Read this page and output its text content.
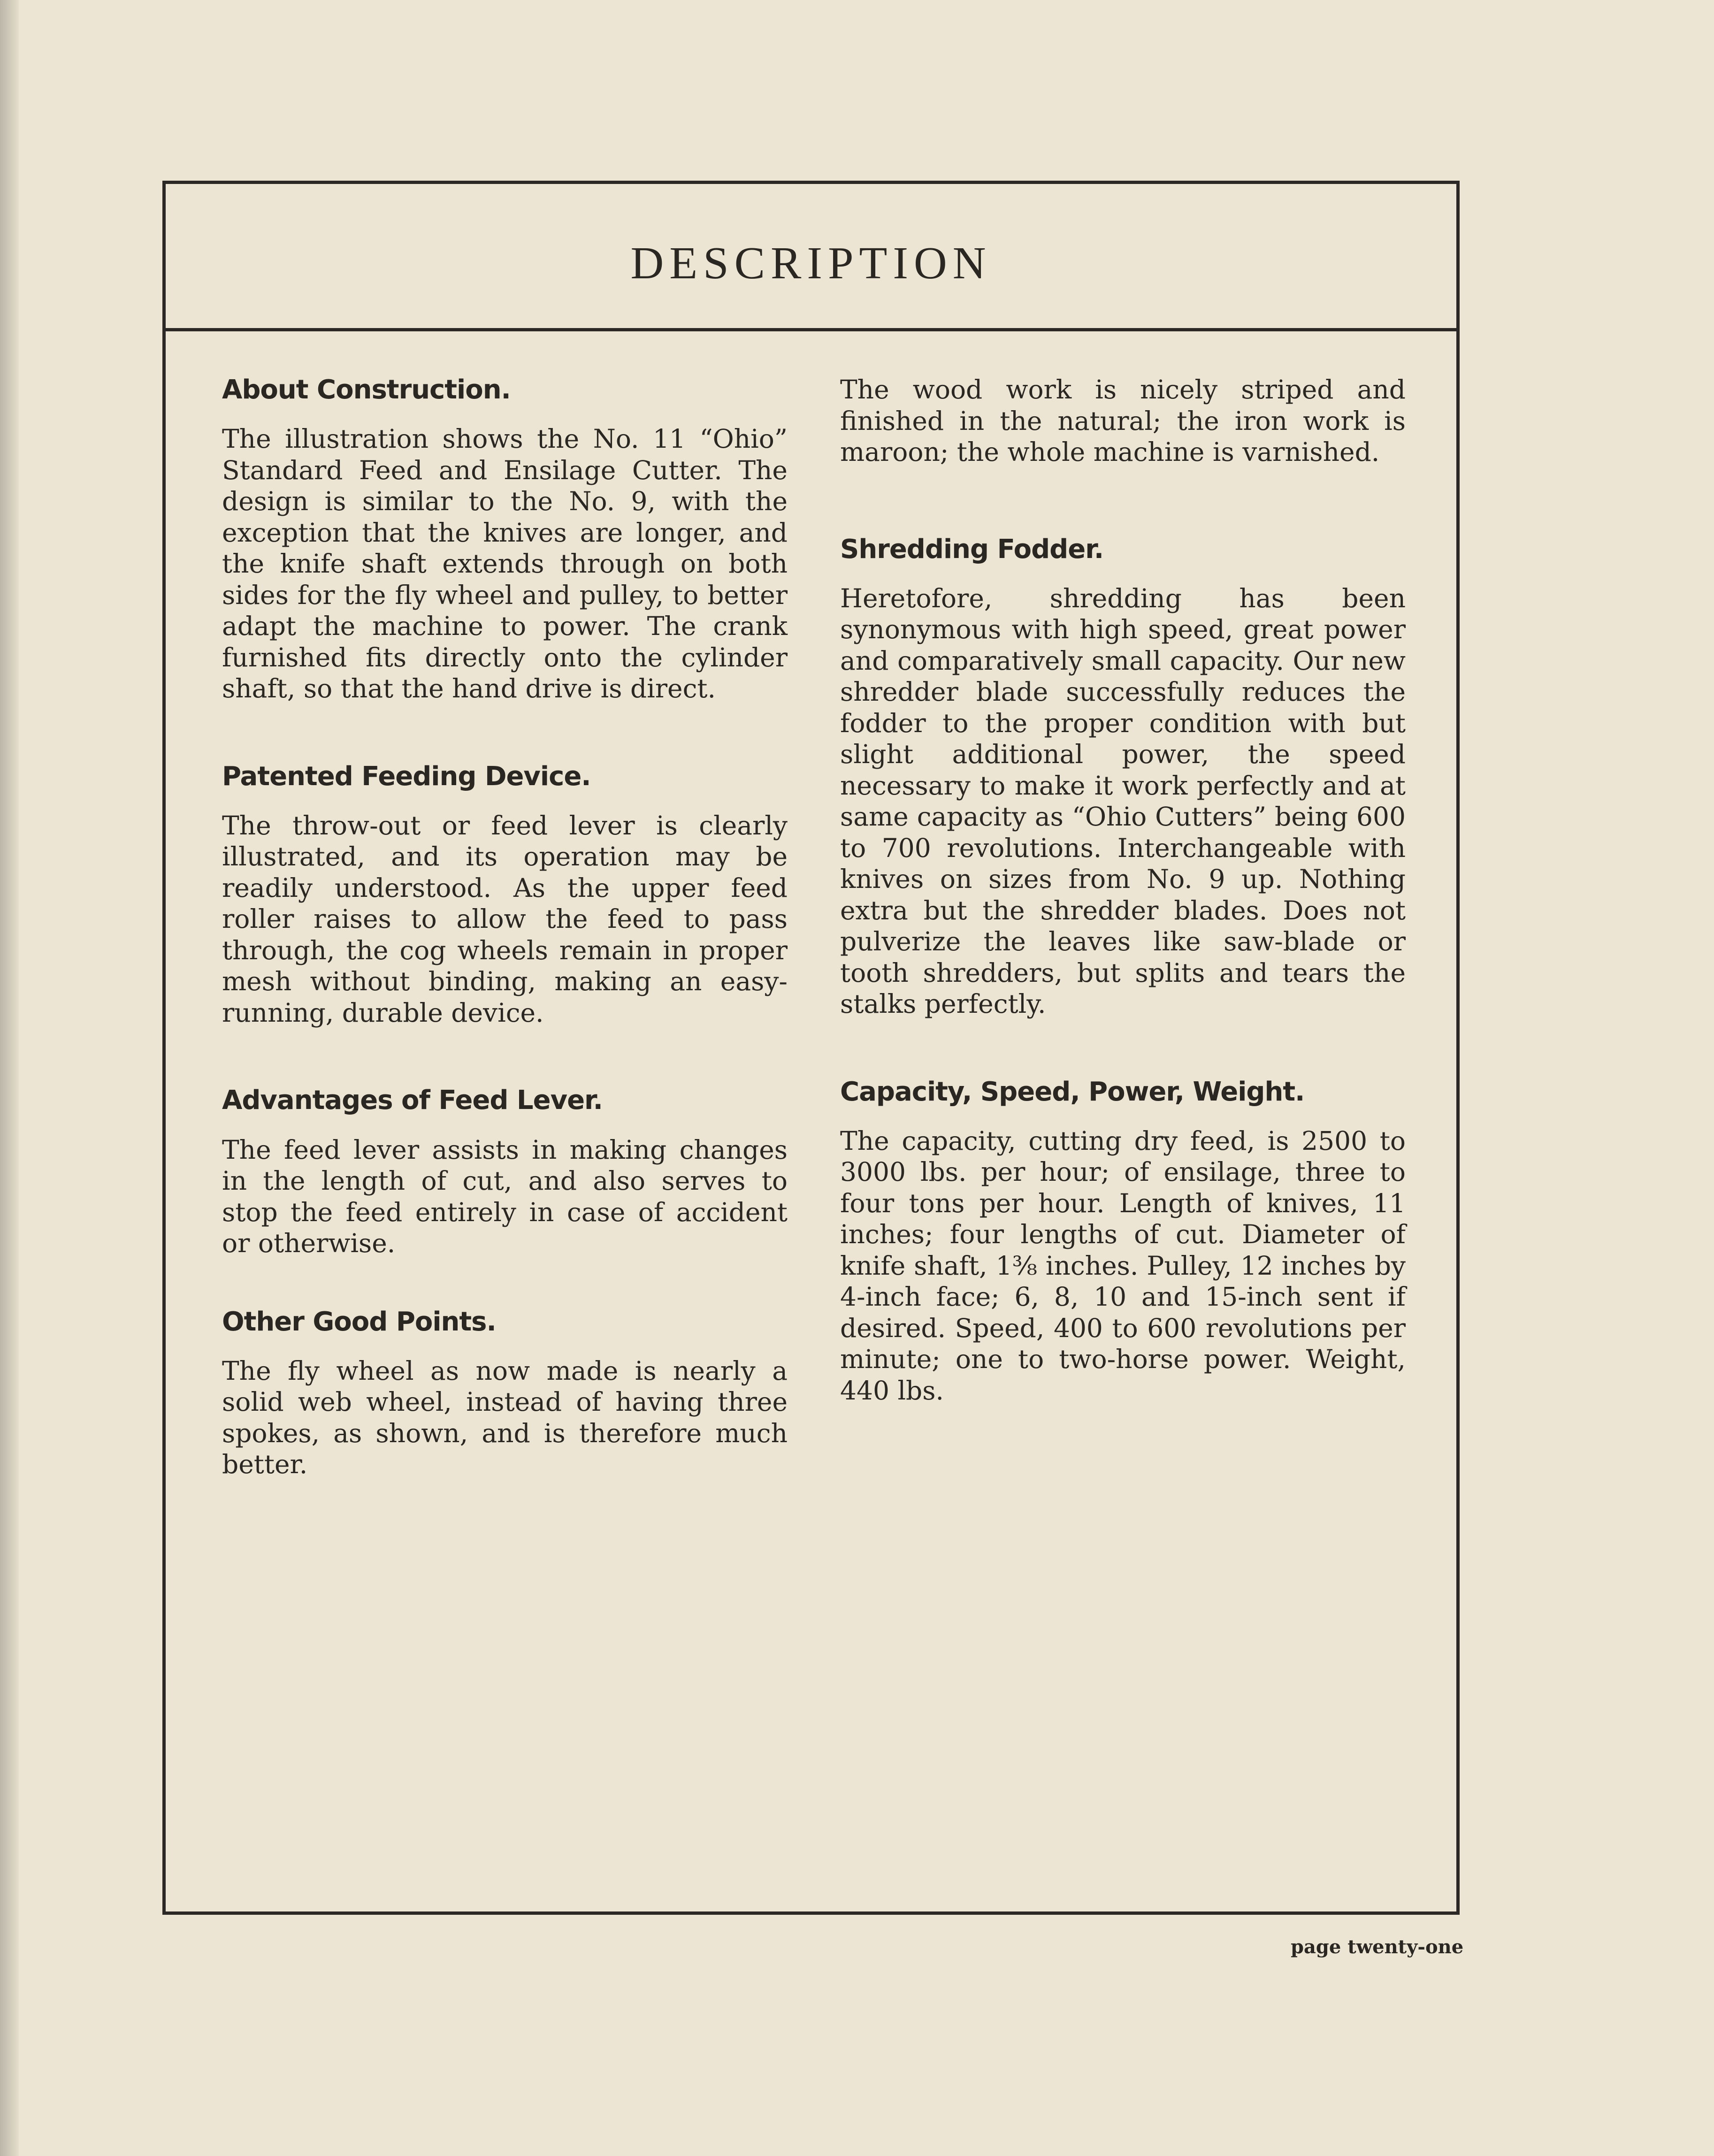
DESCRIPTION
About Construction.

The illustration shows the No. 11 “Ohio” Standard Feed and Ensilage Cutter. The design is similar to the No. 9, with the exception that the knives are longer, and the knife shaft extends through on both sides for the fly wheel and pulley, to better adapt the machine to power. The crank furnished fits directly onto the cylinder shaft, so that the hand drive is direct.

Patented Feeding Device.

The throw-out or feed lever is clearly illustrated, and its operation may be readily understood. As the upper feed roller raises to allow the feed to pass through, the cog wheels remain in proper mesh without binding, making an easy-running, durable device.

Advantages of Feed Lever.

The feed lever assists in making changes in the length of cut, and also serves to stop the feed entirely in case of accident or otherwise.

Other Good Points.

The fly wheel as now made is nearly a solid web wheel, instead of having three spokes, as shown, and is therefore much better.

The wood work is nicely striped and finished in the natural; the iron work is maroon; the whole machine is varnished.

Shredding Fodder.

Heretofore, shredding has been synonymous with high speed, great power and comparatively small capacity. Our new shredder blade successfully reduces the fodder to the proper condition with but slight additional power, the speed necessary to make it work perfectly and at same capacity as “Ohio Cutters” being 600 to 700 revolutions. Interchangeable with knives on sizes from No. 9 up. Nothing extra but the shredder blades. Does not pulverize the leaves like saw-blade or tooth shredders, but splits and tears the stalks perfectly.

Capacity, Speed, Power, Weight.

The capacity, cutting dry feed, is 2500 to 3000 lbs. per hour; of ensilage, three to four tons per hour. Length of knives, 11 inches; four lengths of cut. Diameter of knife shaft, 1⅜ inches. Pulley, 12 inches by 4-inch face; 6, 8, 10 and 15-inch sent if desired. Speed, 400 to 600 revolutions per minute; one to two-horse power. Weight, 440 lbs.

page twenty-one
